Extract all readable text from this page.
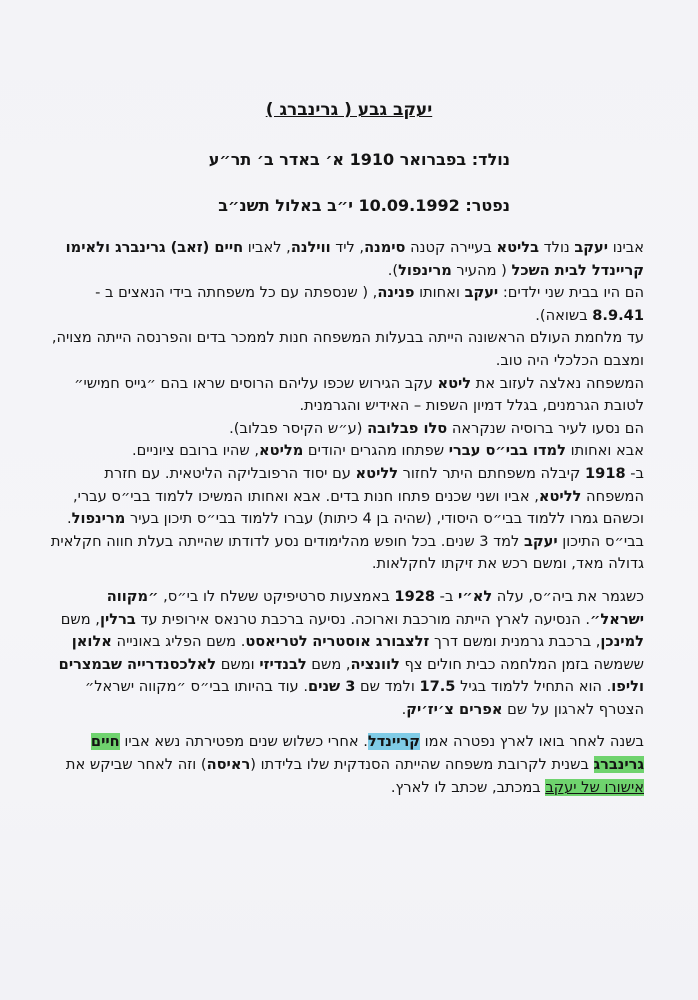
יעקב גבע ( גרינברג )
נולד: בפברואר 1910 א׳ באדר ב׳ תר״ע
נפטר: 10.09.1992 י״ב באלול תשנ״ב

אבינו יעקב נולד בליטא בעיירה קטנה סימנה, ליד ווילנה, לאביו חיים (זאב) גרינברג ולאימו קריינדל לבית השכל ( מהעיר מרינפול).

הם היו בבית שני ילדים: יעקב ואחותו פנינה, ( שנספתה עם כל משפחתה בידי הנאצים ב - 8.9.41 בשואה).

עד מלחמת העולם הראשונה הייתה בבעלות המשפחה חנות לממכר בדים והפרנסה הייתה מצויה, ומצבם הכלכלי היה טוב.

המשפחה נאלצה לעזוב את ליטא עקב הגירוש שכפו עליהם הרוסים שראו בהם ״גייס חמישי״ לטובת הגרמנים, בגלל דמיון השפות – האידיש והגרמנית.

הם נסעו לעיר ברוסיה שנקראה סלו פבלובה (ע״ש הקיסר פבלוב).

אבא ואחותו למדו בבי״ס עברי שפתחו מהגרים יהודים מליטא, שהיו ברובם ציוניים.

ב- 1918 קיבלה משפחתם היתר לחזור לליטא עם יסוד הרפובליקה הליטאית. עם חזרת המשפחה לליטא, אביו ושני שכנים פתחו חנות בדים. אבא ואחותו המשיכו ללמוד בבי״ס עברי, וכשהם גמרו ללמוד בבי״ס היסודי, (שהיה בן 4 כיתות) עברו ללמוד בבי״ס תיכון בעיר מרינפול. בבי״ס התיכון יעקב למד 3 שנים. בכל חופש מהלימודים נסע לדודתו שהייתה בעלת חווה חקלאית גדולה מאד, ומשם רכש את זיקתו לחקלאות.

כשגמר את ביה״ס, עלה לא״י ב- 1928 באמצעות סרטיפיקט ששלח לו בי״ס, ״מקווה ישראל״. הנסיעה לארץ הייתה מורכבת וארוכה. נסיעה ברכבת טרנאס אירופית עד ברלין, משם למינכן, ברכבת גרמנית ומשם דרך זלצבורג אוסטריה לטריאסט. משם הפליג באונייה אלואן ששמשה בזמן המלחמה כבית חולים צף לוונציה, משם לבנדיזי ומשם לאלכסנדרייה שבמצרים וליפו. הוא התחיל ללמוד בגיל 17.5 ולמד שם 3 שנים. עוד בהיותו בבי״ס ״מקווה ישראל״ הצטרף לארגון על שם אפרים צ׳יז׳יק.

בשנה לאחר בואו לארץ נפטרה אמו קריינדל. אחרי כשלוש שנים מפטירתה נשא אביו חיים גרינברג בשנית לקרובת משפחה שהייתה הסנדקית שלו בלידתו (ראיסה) וזה לאחר שביקש את אישורו של יעקב במכתב, שכתב לו לארץ.
